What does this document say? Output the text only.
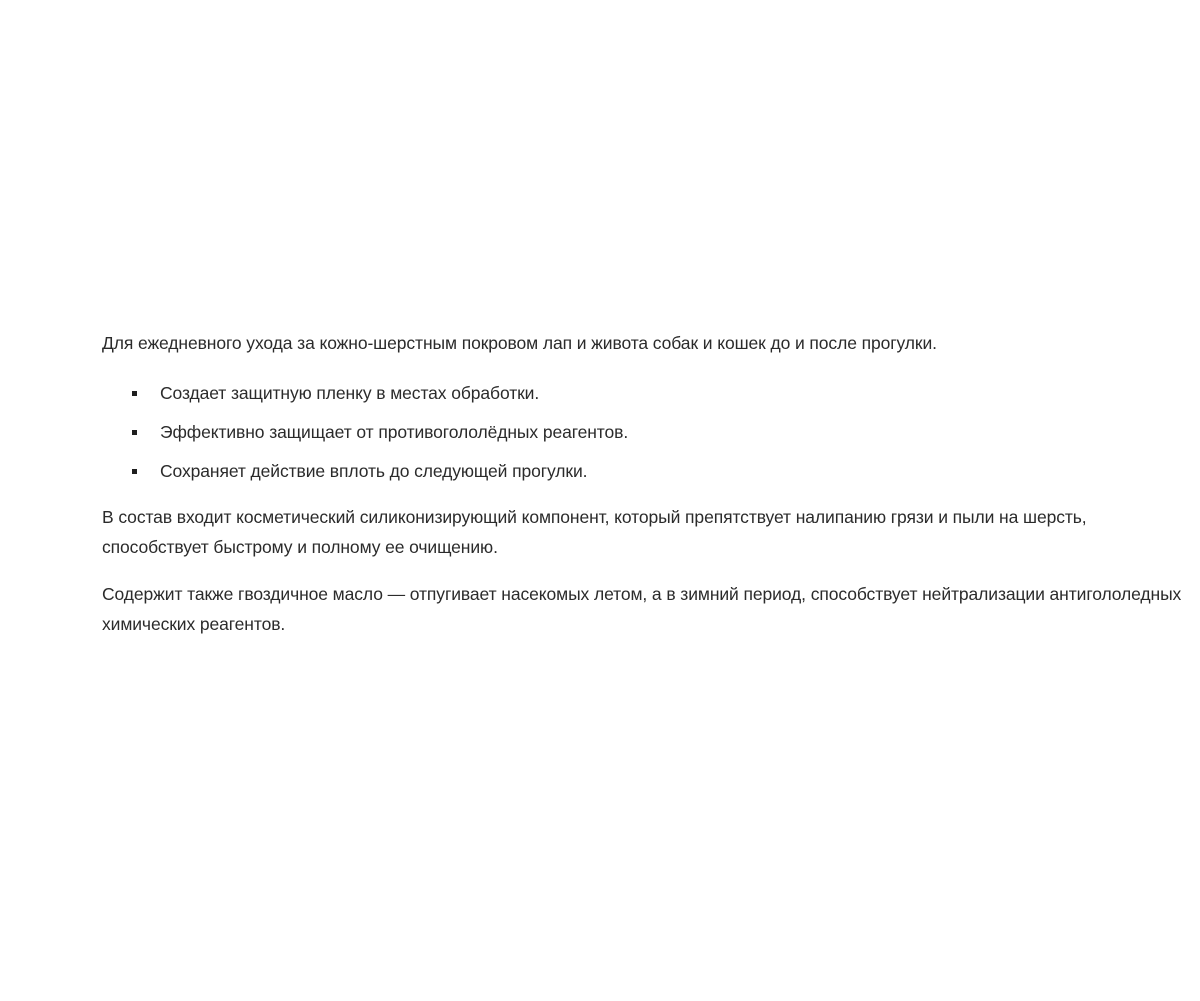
Для ежедневного ухода за кожно-шерстным покровом лап и живота собак и кошек до и после прогулки.

Создает защитную пленку в местах обработки.
Эффективно защищает от противогололёдных реагентов.
Сохраняет действие вплоть до следующей прогулки.

В состав входит косметический силиконизирующий компонент, который препятствует налипанию грязи и пыли на шерсть, способствует быстрому и полному ее очищению.

Содержит также гвоздичное масло — отпугивает насекомых летом, а в зимний период, способствует нейтрализации антигололедных химических реагентов.
